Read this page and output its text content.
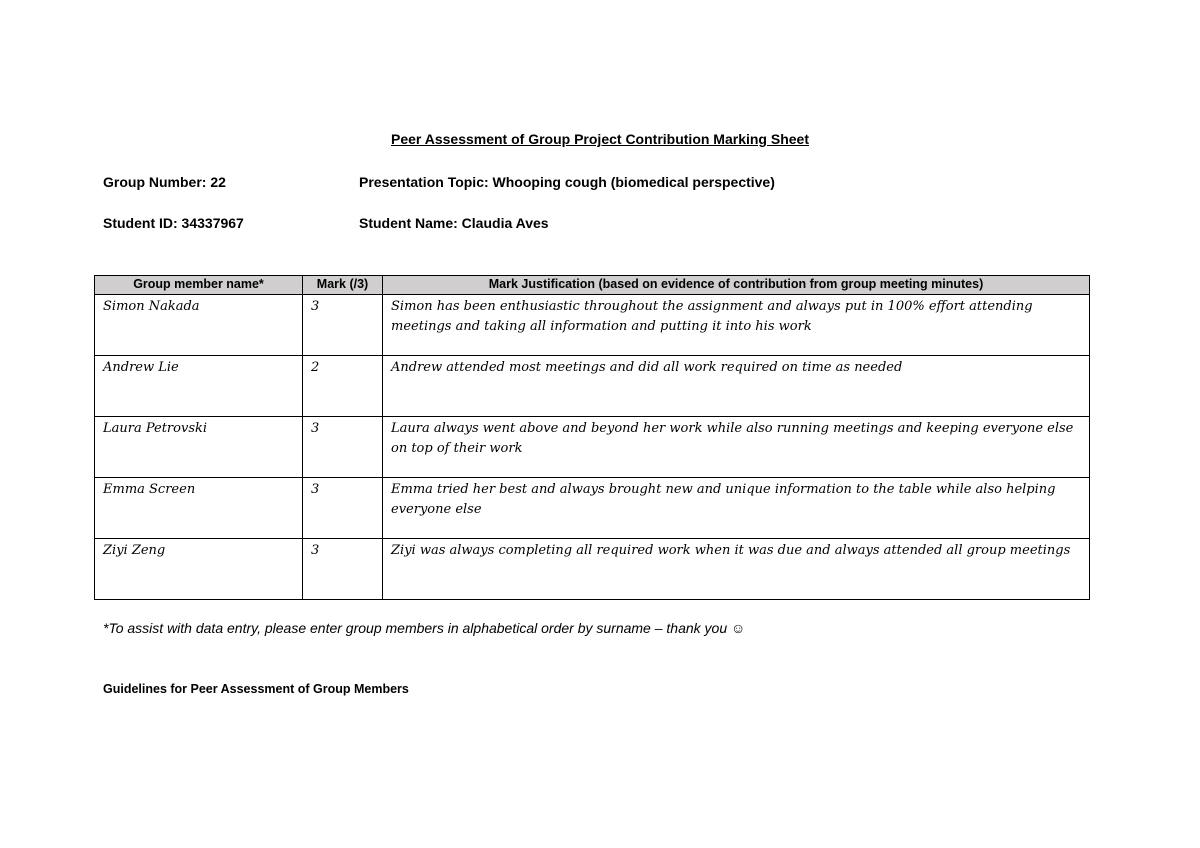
Peer Assessment of Group Project Contribution Marking Sheet
Group Number: 22	Presentation Topic: Whooping cough (biomedical perspective)
Student ID: 34337967	Student Name: Claudia Aves
Group member name*	Mark (/3)	Mark Justification (based on evidence of contribution from group meeting minutes)
Simon Nakada	3	Simon has been enthusiastic throughout the assignment and always put in 100% effort attending meetings and taking all information and putting it into his work
Andrew Lie	2	Andrew attended most meetings and did all work required on time as needed
Laura Petrovski	3	Laura always went above and beyond her work while also running meetings and keeping everyone else on top of their work
Emma Screen	3	Emma tried her best and always brought new and unique information to the table while also helping everyone else
Ziyi Zeng	3	Ziyi was always completing all required work when it was due and always attended all group meetings
*To assist with data entry, please enter group members in alphabetical order by surname – thank you ☺
Guidelines for Peer Assessment of Group Members
